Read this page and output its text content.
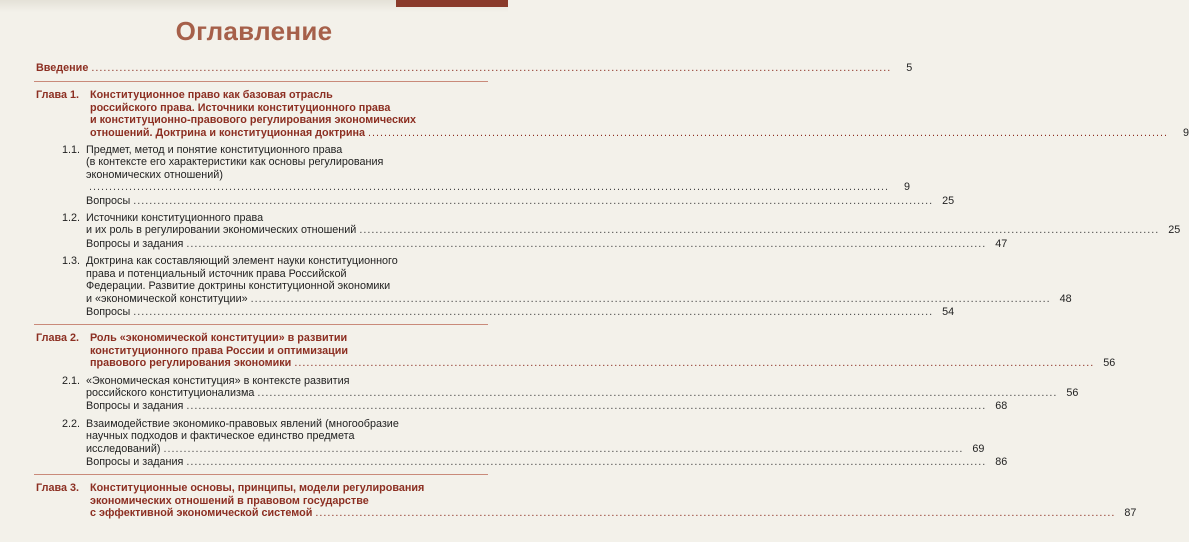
Оглавление
Введение ........................................................................................................................................................................................................	5
Глава 1. Конституционное право как базовая отрасль
российского права. Источники конституционного права
и конституционно-правового регулирования экономических
отношений. Доктрина и конституционная доктрина ........................................................................................................................................................................................................	9
1.1. Предмет, метод и понятие конституционного права
(в контексте его характеристики как основы регулирования
экономических отношений)
........................................................................................................................................................................................................	9
Вопросы ........................................................................................................................................................................................................ 25
1.2. Источники конституционного права
и их роль в регулировании экономических отношений ........................................................................................................................................................................................................ 25
Вопросы и задания ........................................................................................................................................................................................................ 47
1.3. Доктрина как составляющий элемент науки конституционного
права и потенциальный источник права Российской
Федерации. Развитие доктрины конституционной экономики
и «экономической конституции» ........................................................................................................................................................................................................ 48
Вопросы ........................................................................................................................................................................................................ 54
Глава 2. Роль «экономической конституции» в развитии
конституционного права России и оптимизации
правового регулирования экономики ........................................................................................................................................................................................................ 56
2.1. «Экономическая конституция» в контексте развития
российского конституционализма ........................................................................................................................................................................................................ 56
Вопросы и задания ........................................................................................................................................................................................................ 68
2.2. Взаимодействие экономико-правовых явлений (многообразие
научных подходов и фактическое единство предмета
исследований) ........................................................................................................................................................................................................ 69
Вопросы и задания ........................................................................................................................................................................................................ 86
Глава 3. Конституционные основы, принципы, модели регулирования
экономических отношений в правовом государстве
с эффективной экономической системой ........................................................................................................................................................................................................ 87
